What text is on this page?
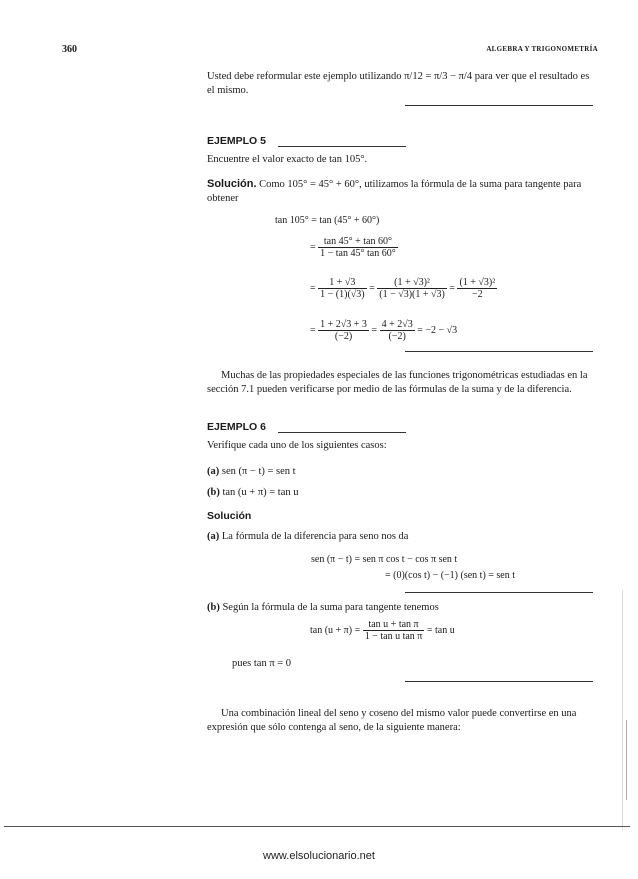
360	ALGEBRA Y TRIGONOMETRÍA
Usted debe reformular este ejemplo utilizando π/12 = π/3 − π/4 para ver que el resultado es el mismo.
EJEMPLO 5
Encuentre el valor exacto de tan 105°.
Solución. Como 105° = 45° + 60°, utilizamos la fórmula de la suma para tangente para obtener
tan 105° = tan (45° + 60°)
= $\frac{\tan 45^\circ + \tan 60^\circ}{1 - \tan 45^\circ \tan 60^\circ}$
= $\frac{1 + √3}{1 - (1)(√3)} = \frac{\text{(1 + √3)²}}{(1 - √3)(1 + √3)} = \frac{\text{(1 + √3)²}}{-2}$
= $\frac{1 + 2√3 + 3}{(-2)} = \frac{4 + 2√3}{(-2)} = -2 - √3$
Muchas de las propiedades especiales de las funciones trigonométricas estudiadas en la sección 7.1 pueden verificarse por medio de las fórmulas de la suma y de la diferencia.
EJEMPLO 6
Verifique cada uno de los siguientes casos:
(a) sen (π − t) = sen t
(b) tan (u + π) = tan u
Solución
(a) La fórmula de la diferencia para seno nos da
sen (π − t) = sen π cos t − cos π sen t
= (0)(cos t) − (−1) (sen t) = sen t
(b) Según la fórmula de la suma para tangente tenemos
$\tan (u + \pi) = \frac{\text{tan u + tan π}}{\text{1 − tan u tan π}} = \tan u$
pues tan π = 0
Una combinación lineal del seno y coseno del mismo valor puede convertirse en una expresión que sólo contenga al seno, de la siguiente manera:
www.elsolucionario.net
